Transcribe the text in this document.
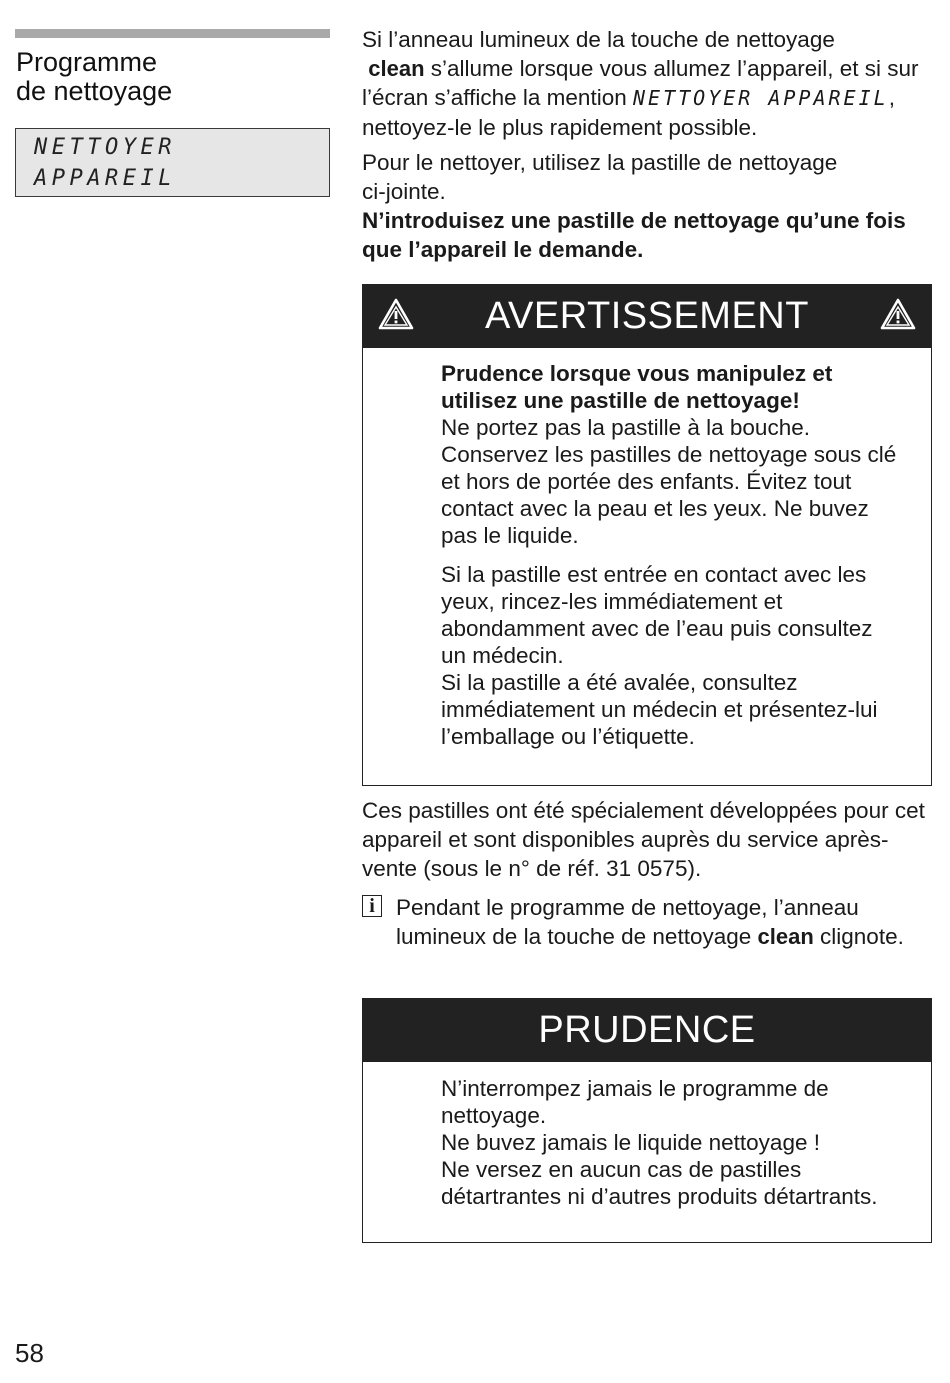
Programme
de nettoyage
NETTOYER
APPAREIL

Si l’anneau lumineux de la touche de nettoyage
clean s’allume lorsque vous allumez l’appareil, et si sur l’écran s’affiche la mention NETTOYER APPAREIL, nettoyez-le le plus rapidement possible.

Pour le nettoyer, utilisez la pastille de nettoyage ci-jointe.

N’introduisez une pastille de nettoyage qu’une fois que l’appareil le demande.

AVERTISSEMENT

Prudence lorsque vous manipulez et utilisez une pastille de nettoyage!

Ne portez pas la pastille à la bouche. Conservez les pastilles de nettoyage sous clé et hors de portée des enfants. Évitez tout contact avec la peau et les yeux. Ne buvez pas le liquide.

Si la pastille est entrée en contact avec les yeux, rincez-les immédiatement et abondamment avec de l’eau puis consultez un médecin.

Si la pastille a été avalée, consultez immédiatement un médecin et présentez-lui l’emballage ou l’étiquette.

Ces pastilles ont été spécialement développées pour cet appareil et sont disponibles auprès du service après-vente (sous le n° de réf. 31 0575).

i Pendant le programme de nettoyage, l’anneau lumineux de la touche de nettoyage clean clignote.

PRUDENCE

N’interrompez jamais le programme de nettoyage.

Ne buvez jamais le liquide nettoyage !

Ne versez en aucun cas de pastilles détartrantes ni d’autres produits détartrants.

58
